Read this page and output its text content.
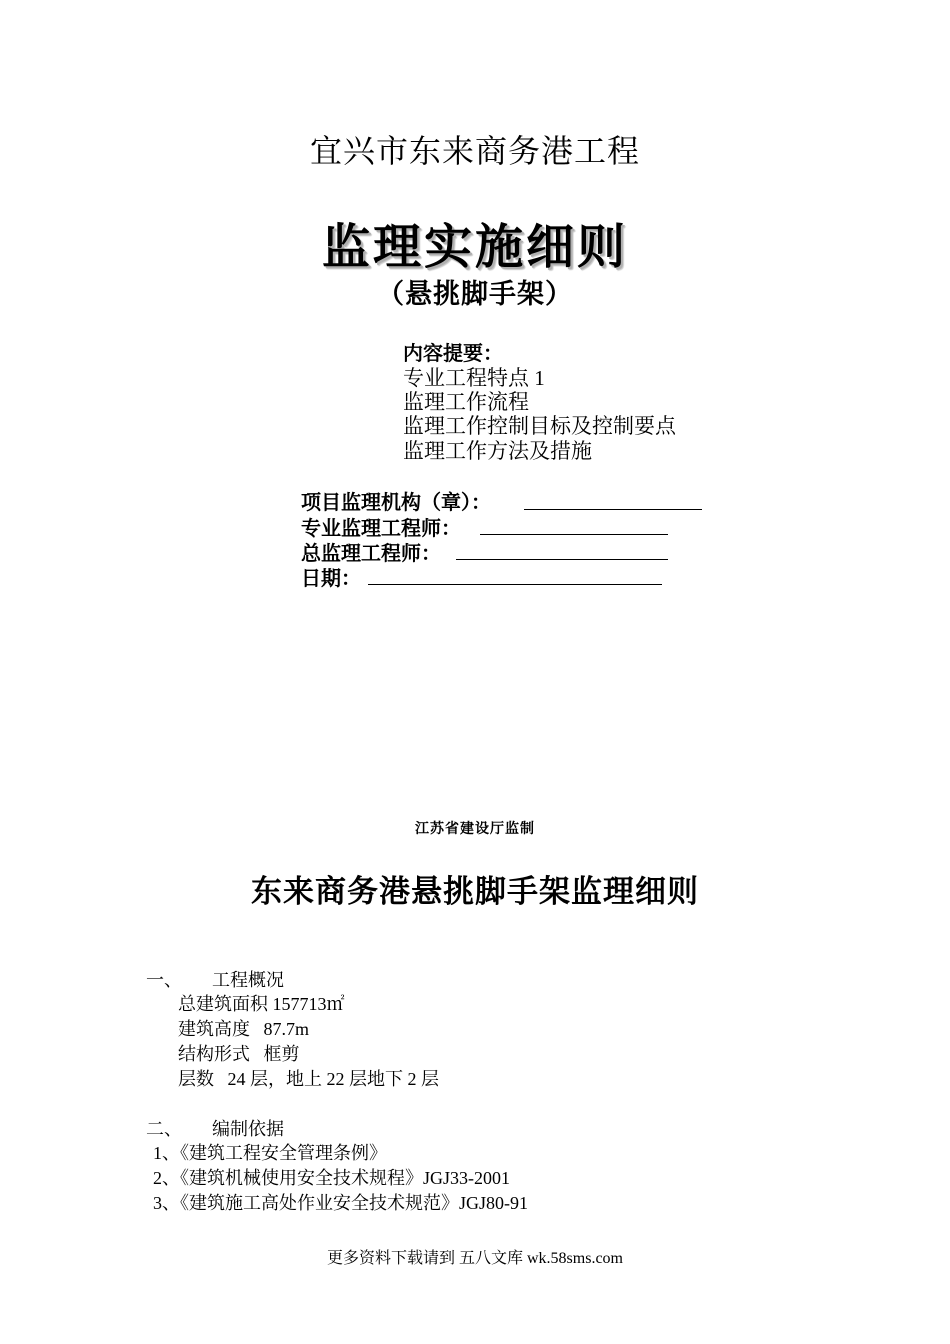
宜兴市东来商务港工程
监理实施细则
（悬挑脚手架）
内容提要：
专业工程特点 1
监理工作流程
监理工作控制目标及控制要点
监理工作方法及措施
项目监理机构（章）：
专业监理工程师：
总监理工程师：
日期：
江苏省建设厅监制
东来商务港悬挑脚手架监理细则
一、 工程概况
总建筑面积 157713㎡
建筑高度   87.7m
结构形式   框剪
层数   24 层，地上 22 层地下 2 层
二、 编制依据
1、《建筑工程安全管理条例》
2、《建筑机械使用安全技术规程》JGJ33-2001
3、《建筑施工高处作业安全技术规范》JGJ80-91
更多资料下载请到 五八文库 wk.58sms.com
